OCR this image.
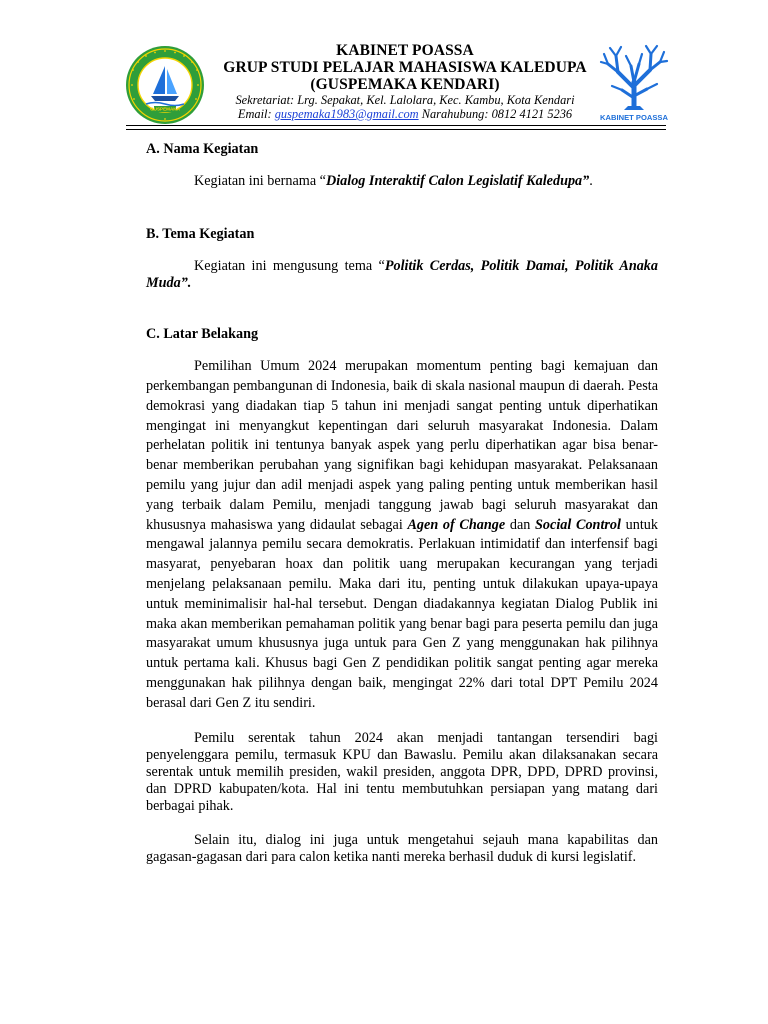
GUSPEMAKA
KABINET POASSA
GRUP STUDI PELAJAR MAHASISWA KALEDUPA
(GUSPEMAKA KENDARI)
Sekretariat: Lrg. Sepakat, Kel. Lalolara, Kec. Kambu, Kota Kendari
Email: guspemaka1983@gmail.com Narahubung: 0812 4121 5236	KABINET POASSA
A. Nama Kegiatan
Kegiatan ini bernama “Dialog Interaktif Calon Legislatif Kaledupa”.
B. Tema Kegiatan
Kegiatan ini mengusung tema “Politik Cerdas, Politik Damai, Politik Anaka Muda”.
C. Latar Belakang
Pemilihan Umum 2024 merupakan momentum penting bagi kemajuan dan perkembangan pembangunan di Indonesia, baik di skala nasional maupun di daerah. Pesta demokrasi yang diadakan tiap 5 tahun ini menjadi sangat penting untuk diperhatikan mengingat ini menyangkut kepentingan dari seluruh masyarakat Indonesia. Dalam perhelatan politik ini tentunya banyak aspek yang perlu diperhatikan agar bisa benar-benar memberikan perubahan yang signifikan bagi kehidupan masyarakat. Pelaksanaan pemilu yang jujur dan adil menjadi aspek yang paling penting untuk memberikan hasil yang terbaik dalam Pemilu, menjadi tanggung jawab bagi seluruh masyarakat dan khususnya mahasiswa yang didaulat sebagai Agen of Change dan Social Control untuk mengawal jalannya pemilu secara demokratis. Perlakuan intimidatif dan interfensif bagi masyarat, penyebaran hoax dan politik uang merupakan kecurangan yang terjadi menjelang pelaksanaan pemilu. Maka dari itu, penting untuk dilakukan upaya-upaya untuk meminimalisir hal-hal tersebut. Dengan diadakannya kegiatan Dialog Publik ini maka akan memberikan pemahaman politik yang benar bagi para peserta pemilu dan juga masyarakat umum khususnya juga untuk para Gen Z yang menggunakan hak pilihnya untuk pertama kali. Khusus bagi Gen Z pendidikan politik sangat penting agar mereka menggunakan hak pilihnya dengan baik, mengingat 22% dari total DPT Pemilu 2024 berasal dari Gen Z itu sendiri.
Pemilu serentak tahun 2024 akan menjadi tantangan tersendiri bagi penyelenggara pemilu, termasuk KPU dan Bawaslu. Pemilu akan dilaksanakan secara serentak untuk memilih presiden, wakil presiden, anggota DPR, DPD, DPRD provinsi, dan DPRD kabupaten/kota. Hal ini tentu membutuhkan persiapan yang matang dari berbagai pihak.
Selain itu, dialog ini juga untuk mengetahui sejauh mana kapabilitas dan gagasan-gagasan dari para calon ketika nanti mereka berhasil duduk di kursi legislatif.
